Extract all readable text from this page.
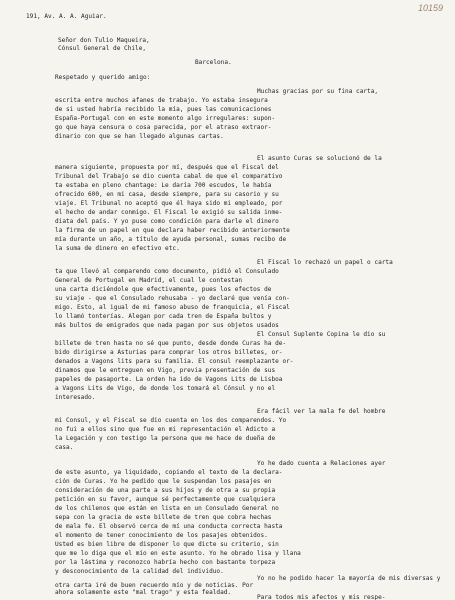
10159
191, Av. A. A. Aguiar.
Señor don Tulio Maqueira,
Cónsul General de Chile,
Barcelona.
Respetado y querido amigo:
Muchas gracias por su fina carta,
escrita entre muchos afanes de trabajo. Yo estaba insegura
de si usted habría recibido la mía, pues las comunicaciones
España-Portugal con en este momento algo irregulares: supon-
go que haya censura o cosa parecida, por el atraso extraor-
dinario con que se han llegado algunas cartas.
El asunto Curas se solucionó de la
manera siguiente, propuesta por mí, después que el Fiscal del
Tribunal del Trabajo se dio cuenta cabal de que el comparativo
ta estaba en pleno chantage: Le daría 700 escudos, le había
ofrecido 600, en mi casa, desde siempre, para su casorio y su
viaje. El Tribunal no aceptó que él haya sido mi empleado, por
el hecho de andar conmigo. El Fiscal le exigió su salida inme-
diata del país. Y yo puse como condición para darle el dinero
la firma de un papel en que declara haber recibido anteriormente
mía durante un año, a título de ayuda personal, sumas recibo de
la suma de dinero en efectivo etc.
El Fiscal lo rechazó un papel o carta
ta que llevó al comparendo como documento, pidió el Consulado
General de Portugal en Madrid, el cual le contestan
una carta diciéndole que efectivamente, pues los efectos de
su viaje - que el Consulado rehusaba - yo declaré que venía con-
migo. Esto, al igual de mi famoso abuso de franquicia, el Fiscal
lo llamó tonterías. Alegan por cada tren de España bultos y
más bultos de emigrados que nada pagan por sus objetos usados
El Consul Suplente Copina le dio su
billete de tren hasta no sé que punto, desde donde Curas ha de-
bido dirigirse a Asturias para comprar los otros billetes, or-
denados a Vagons lits para su familia. El consul reemplazante or-
dinamos que le entreguen en Vigo, previa presentación de sus
papeles de pasaporte. La orden ha ido de Vagons Lits de Lisboa
a Vagons Lits de Vigo, de donde los tomará el Cónsul y no el
interesado.
Era fácil ver la mala fe del hombre
mi Consul, y el Fiscal se dio cuenta en los dos comparendos. Yo
no fui a ellos sino que fue en mi representación el Adicto a
la Legación y con testigo la persona que me hace de dueña de
casa.
Yo he dado cuenta a Relaciones ayer
de este asunto, ya liquidado, copiando el texto de la declara-
ción de Curas. Yo he pedido que le suspendan los pasajes en
consideración de una parte a sus hijos y de otra a su propia
petición en su favor, aunque sé perfectamente que cualquiera
de los chilenos que están en lista en un Consulado General no
sepa con la gracia de este billete de tren que cobra hechas
de mala fe. El observó cerca de mí una conducta correcta hasta
el momento de tener conocimiento de los pasajes obtenidos.
Usted es bien libre de disponer lo que dicte su criterio, sin
que me lo diga que el mío en este asunto. Yo he obrado lisa y llana
por la lástima y reconozco habría hecho con bastante torpeza
y desconocimiento de la calidad del individuo.
Yo no he podido hacer la mayoría de mis diversas y
otra carta iré de buen recuerdo mío y de noticias. Por
ahora solamente este "mal trago" y esta fealdad.
Para todos mis afectos y mis respe-
